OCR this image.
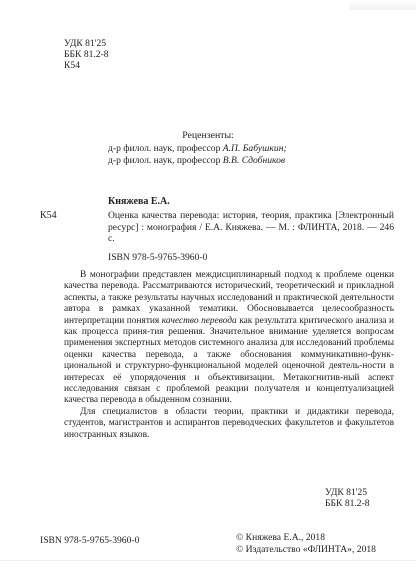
УДК 81'25
ББК 81.2-8
К54
Рецензенты:
д-р филол. наук, профессор А.П. Бабушкин;
д-р филол. наук, профессор В.В. Сдобников
Княжева Е.А.
К54	Оценка качества перевода: история, теория, практика [Электронный ресурс] : монография / Е.А. Княжева. — М. : ФЛИНТА, 2018. — 246 с.
ISBN 978-5-9765-3960-0

В монографии представлен междисциплинарный подход к проблеме оценки качества перевода. Рассматриваются исторический, теоретический и прикладной аспекты, а также результаты научных исследований и практической деятельности автора в рамках указанной тематики. Обосновывается целесообразность интерпретации понятия качество перевода как результата критического анализа и как процесса приня-тия решения. Значительное внимание уделяется вопросам применения экспертных методов системного анализа для исследований проблемы оценки качества перевода, а также обоснования коммуникативно-функ-циональной и структурно-функциональной моделей оценочной деятель-ности в интересах её упорядочения и объективизации. Метакогнитив-ный аспект исследования связан с проблемой реакции получателя и концептуализацией качества перевода в обыденном сознании.

Для специалистов в области теории, практики и дидактики перевода, студентов, магистрантов и аспирантов переводческих факультетов и факультетов иностранных языков.

УДК 81'25
ББК 81.2-8
ISBN 978-5-9765-3960-0	© Княжева Е.А., 2018
© Издательство «ФЛИНТА», 2018
